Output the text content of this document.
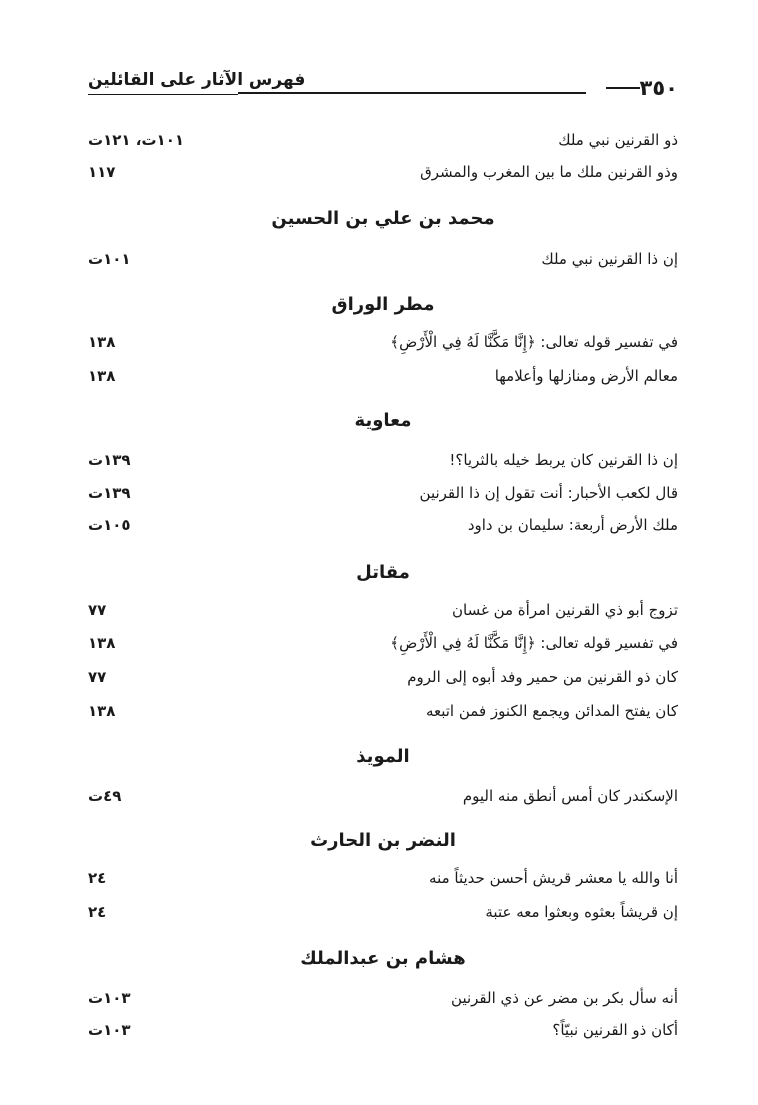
٣٥٠
فهرس الآثار على القائلين
ذو القرنين نبي ملك
١٠١ت، ١٢١ت
وذو القرنين ملك ما بين المغرب والمشرق
١١٧
محمد بن علي بن الحسين
إن ذا القرنين نبي ملك
١٠١ت
مطر الوراق
في تفسير قوله تعالى: ﴿إِنَّا مَكَّنَّا لَهُ فِي الْأَرْضِ﴾
١٣٨
معالم الأرض ومنازلها وأعلامها
١٣٨
معاوية
إن ذا القرنين كان يربط خيله بالثريا؟!
١٣٩ت
قال لكعب الأحبار: أنت تقول إن ذا القرنين
١٣٩ت
ملك الأرض أربعة: سليمان بن داود
١٠٥ت
مقاتل
تزوج أبو ذي القرنين امرأة من غسان
٧٧
في تفسير قوله تعالى: ﴿إِنَّا مَكَّنَّا لَهُ فِي الْأَرْضِ﴾
١٣٨
كان ذو القرنين من حمير وفد أبوه إلى الروم
٧٧
كان يفتح المدائن ويجمع الكنوز فمن اتبعه
١٣٨
المويذ
الإسكندر كان أمس أنطق منه اليوم
٤٩ت
النضر بن الحارث
أنا والله يا معشر قريش أحسن حديثاً منه
٢٤
إن قريشاً بعثوه وبعثوا معه عتبة
٢٤
هشام بن عبدالملك
أنه سأل بكر بن مضر عن ذي القرنين
١٠٣ت
أكان ذو القرنين نبيّاً؟
١٠٣ت
